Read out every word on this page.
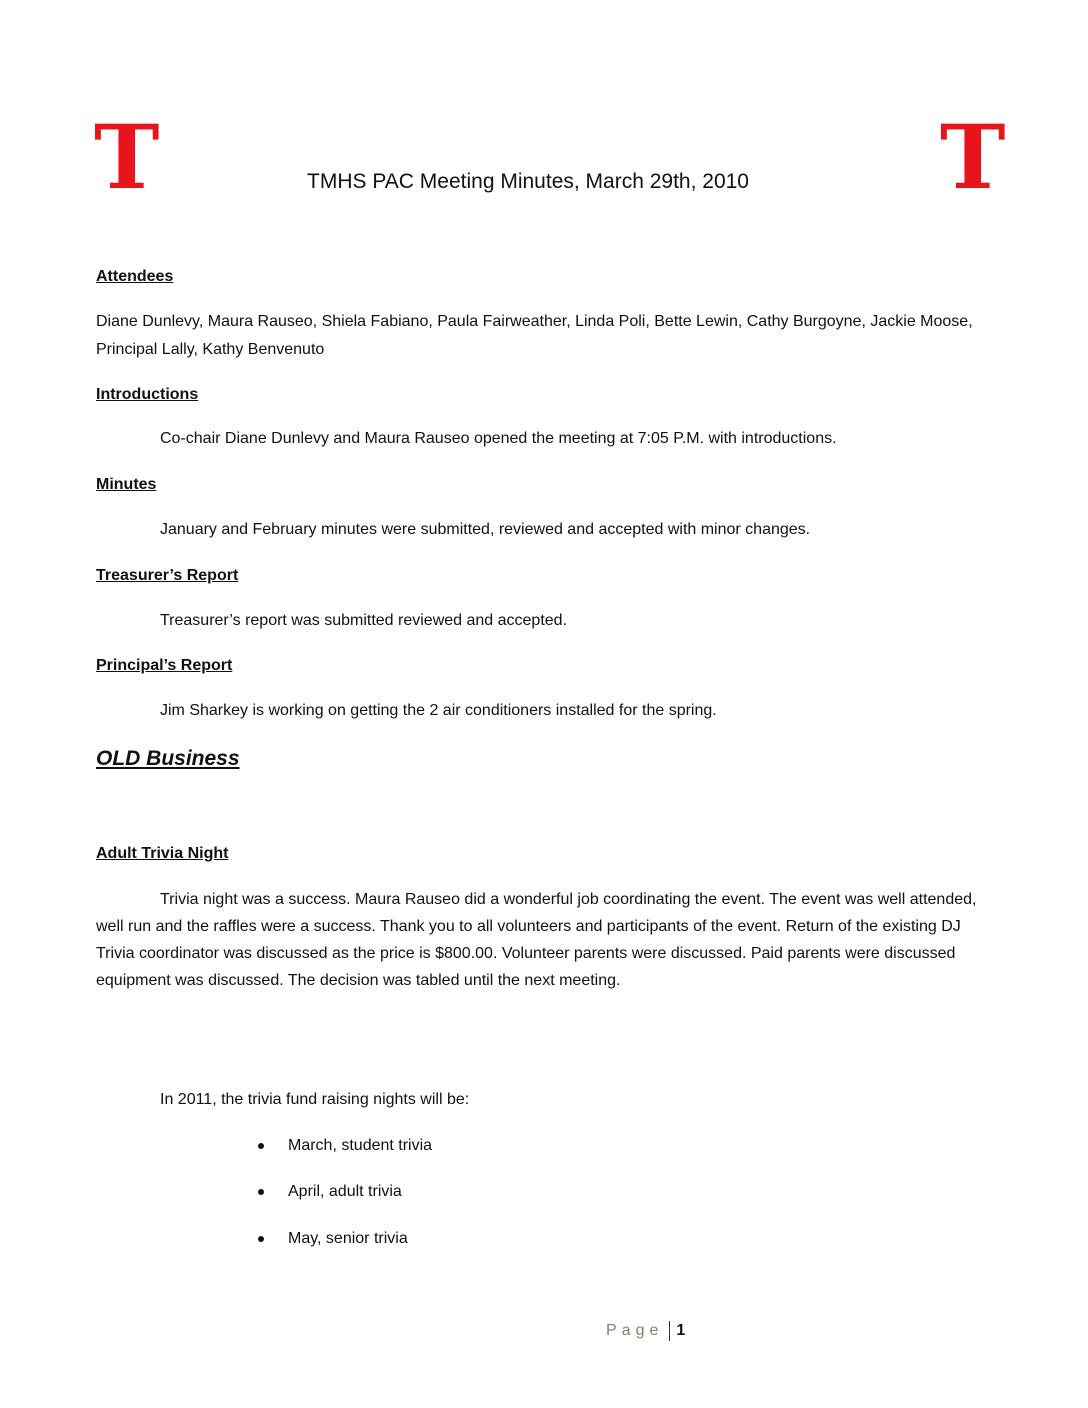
T	T
TMHS PAC Meeting Minutes, March 29th, 2010
Attendees
Diane Dunlevy, Maura Rauseo, Shiela Fabiano, Paula Fairweather, Linda Poli, Bette Lewin, Cathy Burgoyne, Jackie Moose, Principal Lally, Kathy Benvenuto
Introductions
Co-chair Diane Dunlevy and Maura Rauseo opened the meeting at 7:05 P.M. with introductions.
Minutes
January and February minutes were submitted, reviewed and accepted with minor changes.
Treasurer’s Report
Treasurer’s report was submitted reviewed and accepted.
Principal’s Report
Jim Sharkey is working on getting the 2 air conditioners installed for the spring.
OLD Business
Adult Trivia Night
Trivia night was a success. Maura Rauseo did a wonderful job coordinating the event. The event was well attended, well run and the raffles were a success. Thank you to all volunteers and participants of the event. Return of the existing DJ Trivia coordinator was discussed as the price is $800.00. Volunteer parents were discussed. Paid parents were discussed equipment was discussed. The decision was tabled until the next meeting.
In 2011, the trivia fund raising nights will be:
March, student trivia
April, adult trivia
May, senior trivia
Page 1
